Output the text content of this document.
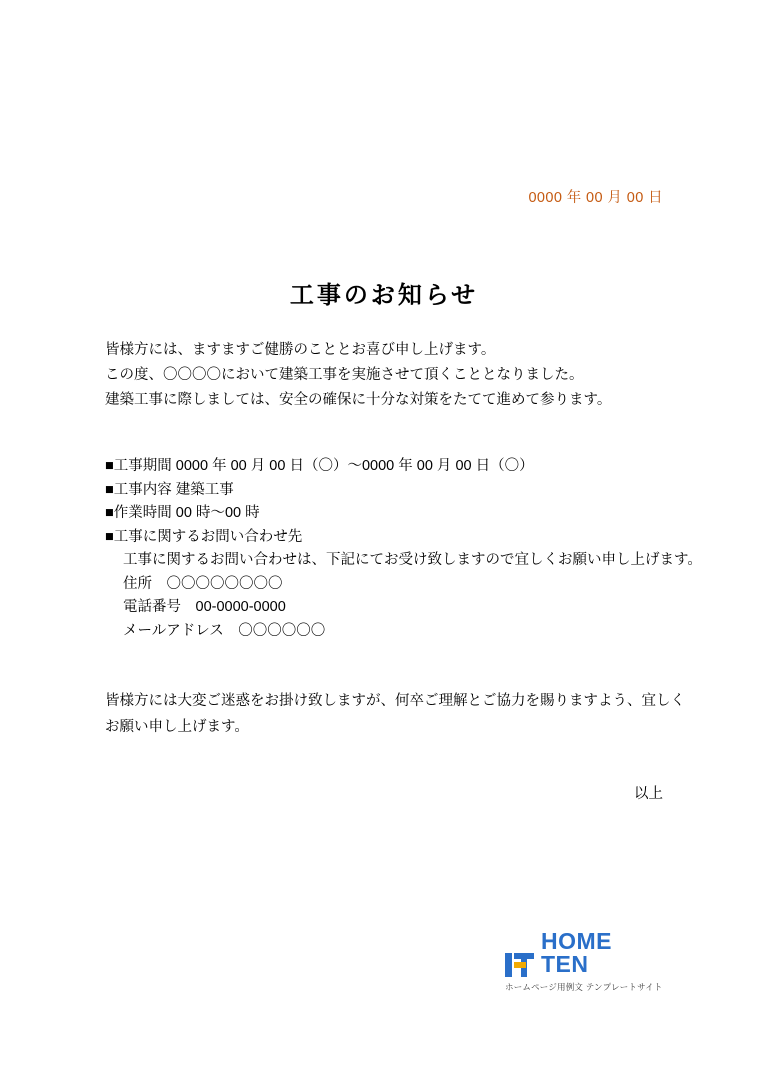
0000 年 00 月 00 日
工事のお知らせ
皆様方には、ますますご健勝のこととお喜び申し上げます。
この度、〇〇〇〇において建築工事を実施させて頂くこととなりました。
建築工事に際しましては、安全の確保に十分な対策をたてて進めて参ります。
■工事期間 0000 年 00 月 00 日（〇）～0000 年 00 月 00 日（〇）
■工事内容 建築工事
■作業時間 00 時～00 時
■工事に関するお問い合わせ先
工事に関するお問い合わせは、下記にてお受け致しますので宜しくお願い申し上げます。
住所　〇〇〇〇〇〇〇〇
電話番号　00-0000-0000
メールアドレス　〇〇〇〇〇〇
皆様方には大変ご迷惑をお掛け致しますが、何卒ご理解とご協力を賜りますよう、宜しく
お願い申し上げます。
以上
HOME TEN
ホームページ用例文 テンプレートサイト
